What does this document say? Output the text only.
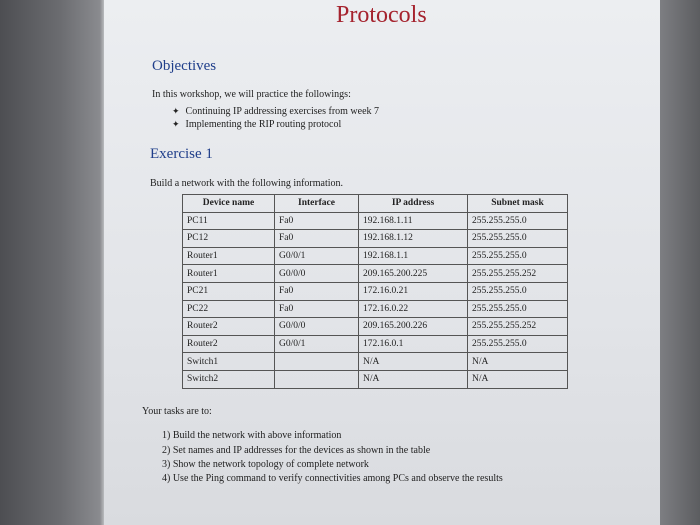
Protocols
Objectives
In this workshop, we will practice the followings:
✦ Continuing IP addressing exercises from week 7
✦ Implementing the RIP routing protocol
Exercise 1
Build a network with the following information.
Device name	Interface	IP address	Subnet mask
PC11	Fa0	192.168.1.11	255.255.255.0
PC12	Fa0	192.168.1.12	255.255.255.0
Router1	G0/0/1	192.168.1.1	255.255.255.0
Router1	G0/0/0	209.165.200.225	255.255.255.252
PC21	Fa0	172.16.0.21	255.255.255.0
PC22	Fa0	172.16.0.22	255.255.255.0
Router2	G0/0/0	209.165.200.226	255.255.255.252
Router2	G0/0/1	172.16.0.1	255.255.255.0
Switch1		N/A	N/A
Switch2		N/A	N/A
Your tasks are to:
1) Build the network with above information
2) Set names and IP addresses for the devices as shown in the table
3) Show the network topology of complete network
4) Use the Ping command to verify connectivities among PCs and observe the results
